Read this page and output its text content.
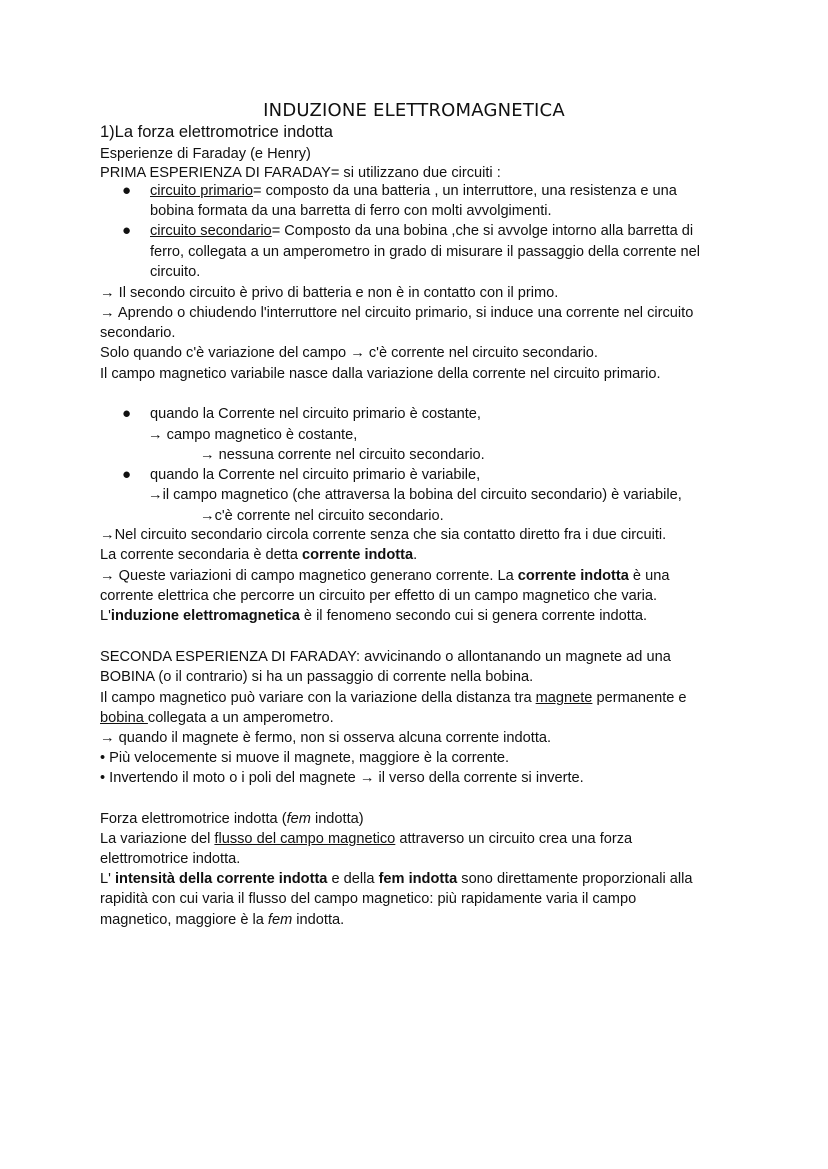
INDUZIONE ELETTROMAGNETICA
1)La forza elettromotrice indotta
Esperienze di Faraday (e Henry)
PRIMA ESPERIENZA DI FARADAY= si utilizzano due circuiti :
● circuito primario= composto da una batteria , un interruttore, una resistenza e una
bobina formata da una barretta di ferro con molti avvolgimenti.
● circuito secondario= Composto da una bobina ,che si avvolge intorno alla barretta di
ferro, collegata a un amperometro in grado di misurare il passaggio della corrente nel
circuito.
→ Il secondo circuito è privo di batteria e non è in contatto con il primo.
→ Aprendo o chiudendo l'interruttore nel circuito primario, si induce una corrente nel circuito
secondario.
Solo quando c'è variazione del campo → c'è corrente nel circuito secondario.
Il campo magnetico variabile nasce dalla variazione della corrente nel circuito primario.
● quando la Corrente nel circuito primario è costante,
→ campo magnetico è costante,
→ nessuna corrente nel circuito secondario.
● quando la Corrente nel circuito primario è variabile,
→il campo magnetico (che attraversa la bobina del circuito secondario) è variabile,
→c'è corrente nel circuito secondario.
→Nel circuito secondario circola corrente senza che sia contatto diretto fra i due circuiti.
La corrente secondaria è detta corrente indotta.
→ Queste variazioni di campo magnetico generano corrente. La corrente indotta è una
corrente elettrica che percorre un circuito per effetto di un campo magnetico che varia.
L'induzione elettromagnetica è il fenomeno secondo cui si genera corrente indotta.
SECONDA ESPERIENZA DI FARADAY: avvicinando o allontanando un magnete ad una
BOBINA (o il contrario) si ha un passaggio di corrente nella bobina.
Il campo magnetico può variare con la variazione della distanza tra magnete permanente e
bobina collegata a un amperometro.
→ quando il magnete è fermo, non si osserva alcuna corrente indotta.
• Più velocemente si muove il magnete, maggiore è la corrente.
• Invertendo il moto o i poli del magnete → il verso della corrente si inverte.
Forza elettromotrice indotta (fem indotta)
La variazione del flusso del campo magnetico attraverso un circuito crea una forza
elettromotrice indotta.
L' intensità della corrente indotta e della fem indotta sono direttamente proporzionali alla
rapidità con cui varia il flusso del campo magnetico: più rapidamente varia il campo
magnetico, maggiore è la fem indotta.
